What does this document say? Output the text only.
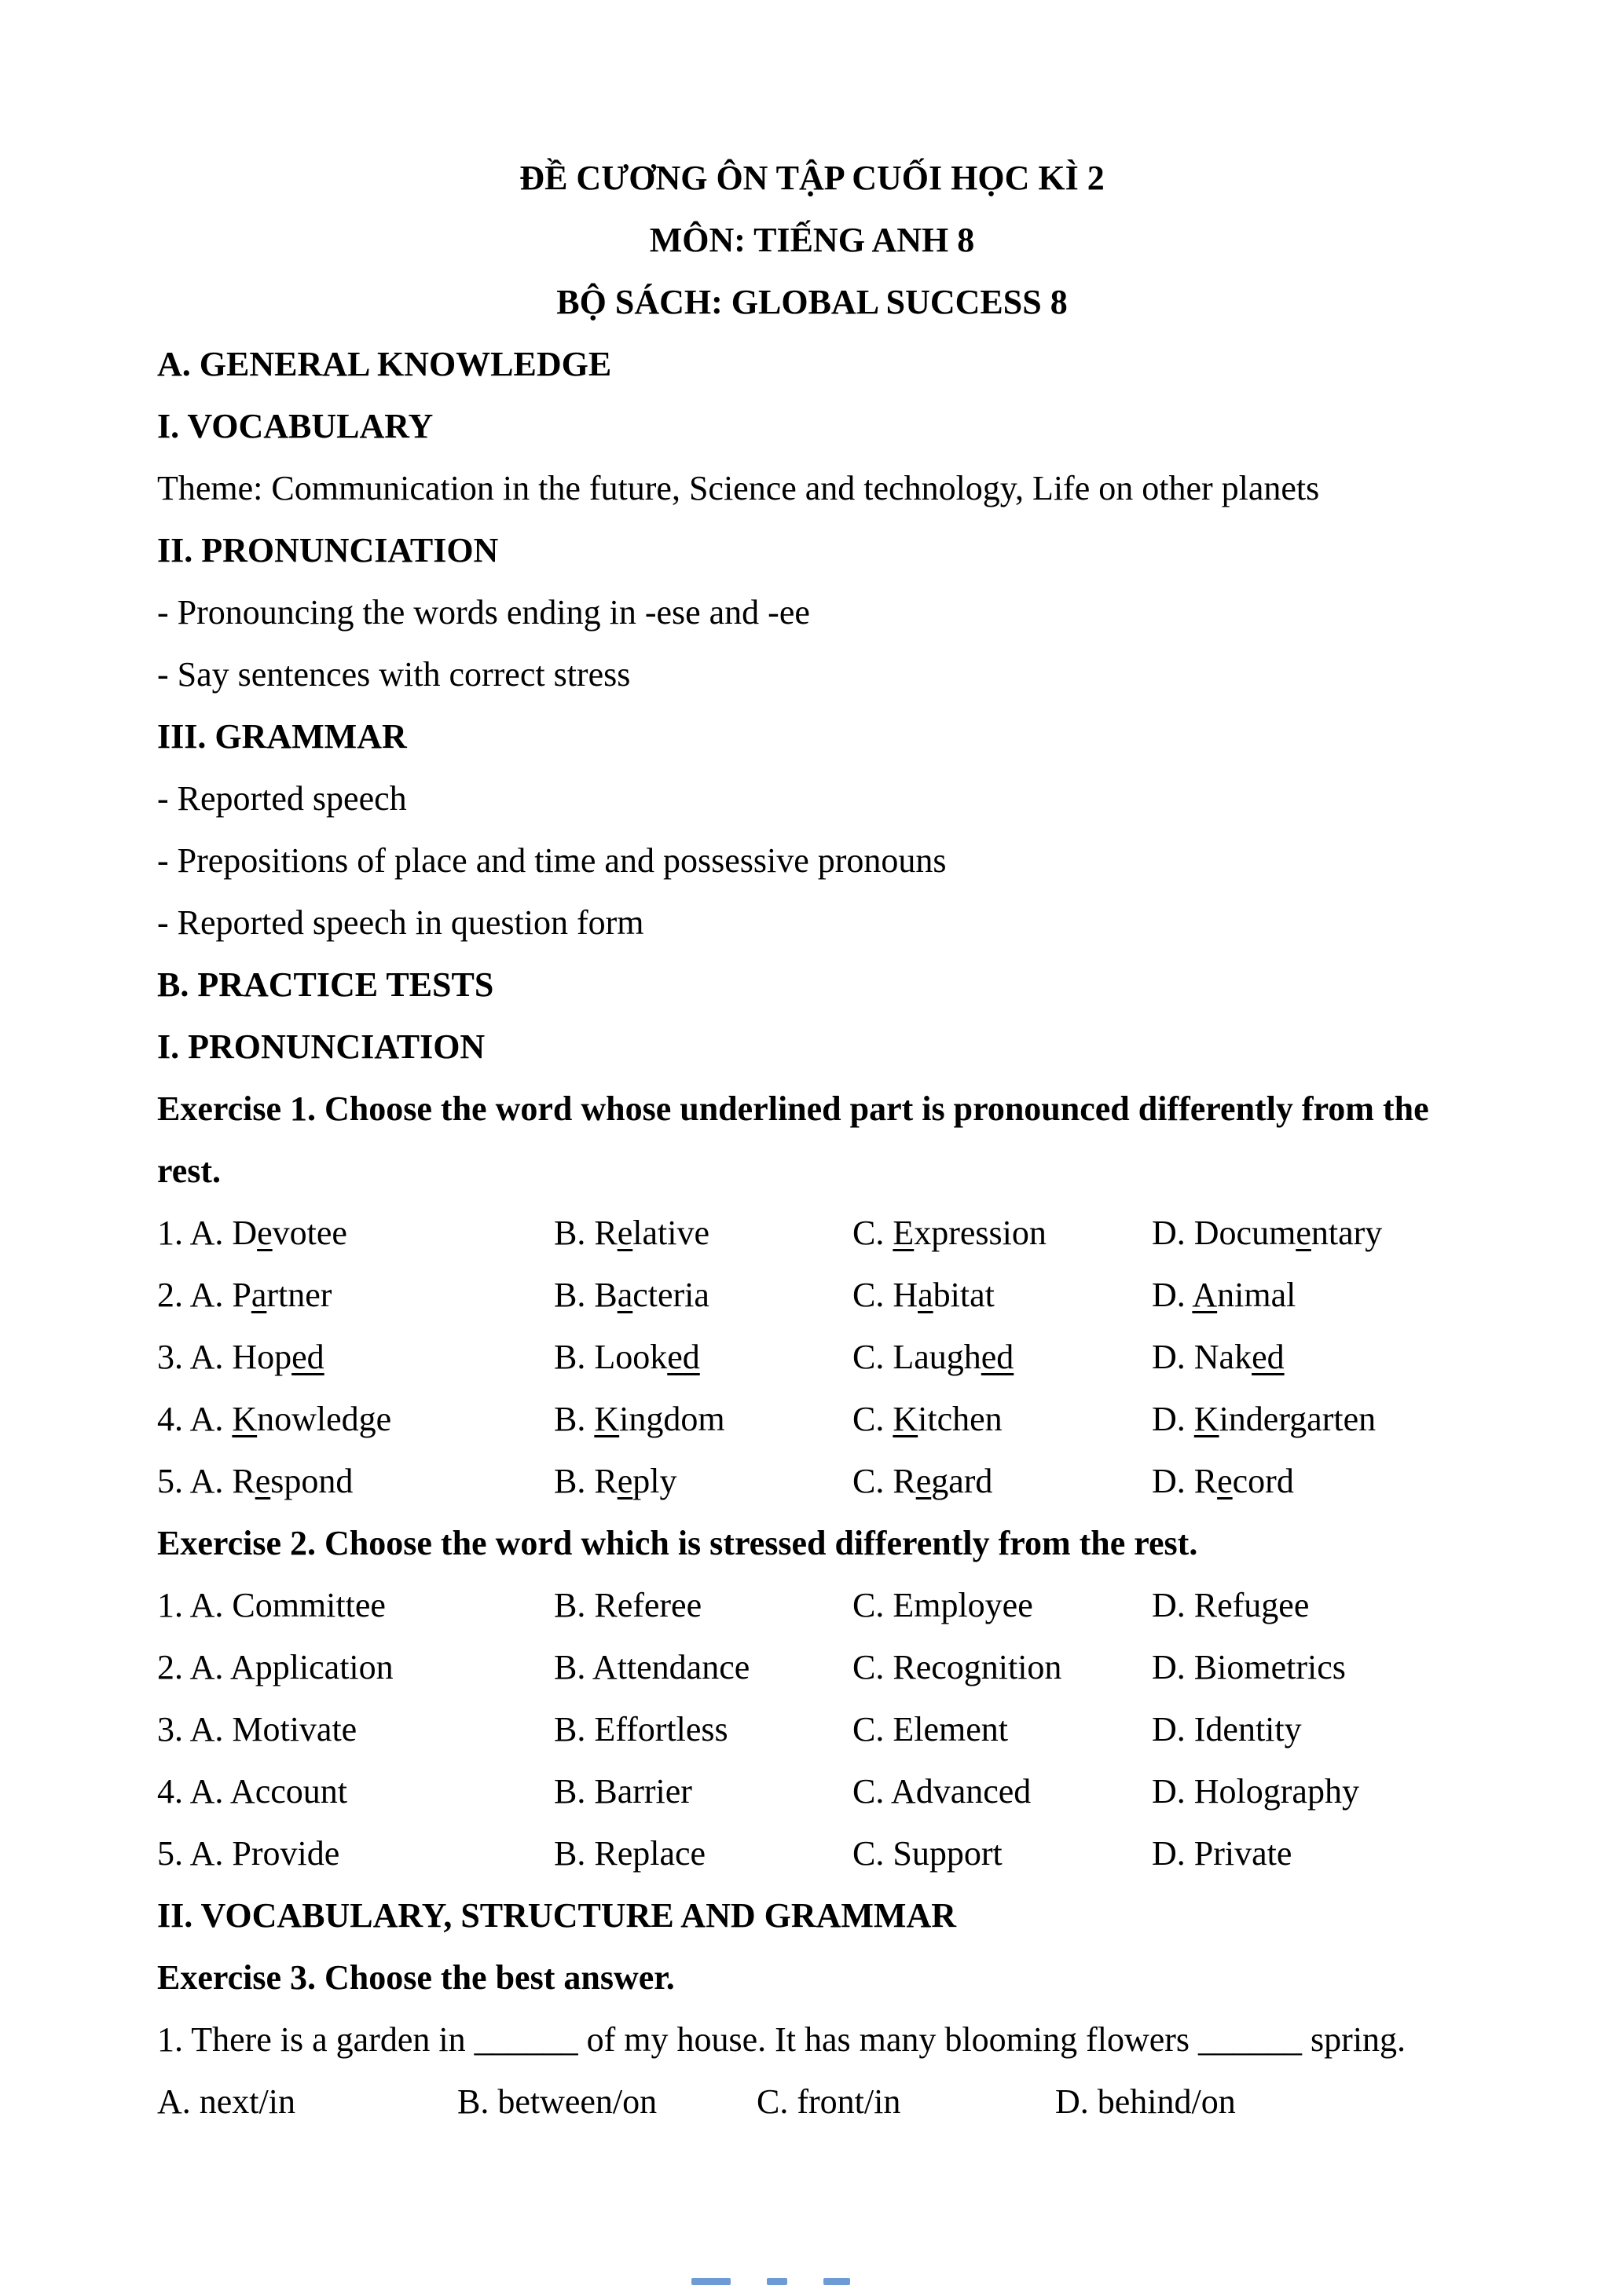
ĐỀ CƯƠNG ÔN TẬP CUỐI HỌC KÌ 2
MÔN: TIẾNG ANH 8
BỘ SÁCH: GLOBAL SUCCESS 8
A. GENERAL KNOWLEDGE
I. VOCABULARY
Theme: Communication in the future, Science and technology, Life on other planets
II. PRONUNCIATION
- Pronouncing the words ending in -ese and -ee
- Say sentences with correct stress
III. GRAMMAR
- Reported speech
- Prepositions of place and time and possessive pronouns
- Reported speech in question form
B. PRACTICE TESTS
I. PRONUNCIATION
Exercise 1. Choose the word whose underlined part is pronounced differently from the rest.
1. A. Devotee	B. Relative	C. Expression	D. Documentary
2. A. Partner	B. Bacteria	C. Habitat	D. Animal
3. A. Hoped	B. Looked	C. Laughed	D. Naked
4. A. Knowledge	B. Kingdom	C. Kitchen	D. Kindergarten
5. A. Respond	B. Reply	C. Regard	D. Record
Exercise 2. Choose the word which is stressed differently from the rest.
1. A. Committee	B. Referee	C. Employee	D. Refugee
2. A. Application	B. Attendance	C. Recognition	D. Biometrics
3. A. Motivate	B. Effortless	C. Element	D. Identity
4. A. Account	B. Barrier	C. Advanced	D. Holography
5. A. Provide	B. Replace	C. Support	D. Private
II. VOCABULARY, STRUCTURE AND GRAMMAR
Exercise 3. Choose the best answer.
1. There is a garden in ______ of my house. It has many blooming flowers ______ spring.
A. next/in	B. between/on	C. front/in	D. behind/on
